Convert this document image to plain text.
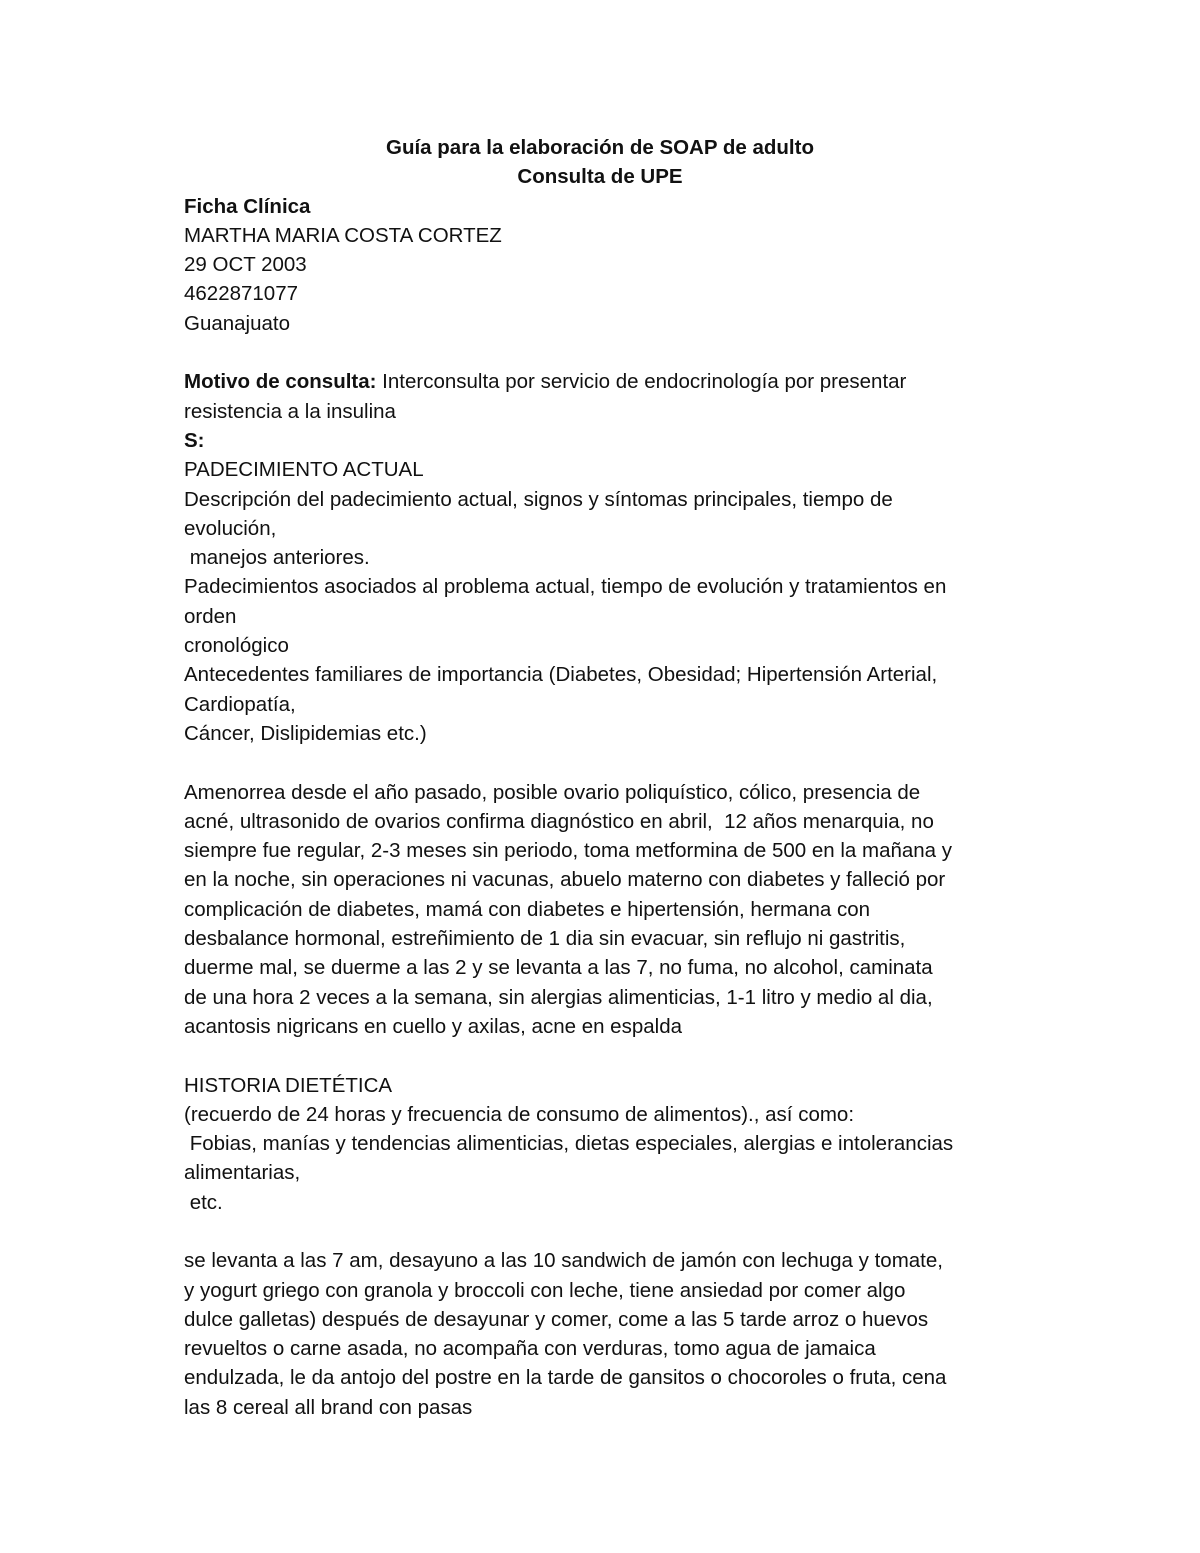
Guía para la elaboración de SOAP de adulto
Consulta de UPE
Ficha Clínica
MARTHA MARIA COSTA CORTEZ
29 OCT 2003
4622871077
Guanajuato
Motivo de consulta: Interconsulta por servicio de endocrinología por presentar
resistencia a la insulina
S:
PADECIMIENTO ACTUAL
Descripción del padecimiento actual, signos y síntomas principales, tiempo de
evolución,
manejos anteriores.
Padecimientos asociados al problema actual, tiempo de evolución y tratamientos en
orden
cronológico
Antecedentes familiares de importancia (Diabetes, Obesidad; Hipertensión Arterial,
Cardiopatía,
Cáncer, Dislipidemias etc.)
Amenorrea desde el año pasado, posible ovario poliquístico, cólico, presencia de
acné, ultrasonido de ovarios confirma diagnóstico en abril,  12 años menarquia, no
siempre fue regular, 2-3 meses sin periodo, toma metformina de 500 en la mañana y
en la noche, sin operaciones ni vacunas, abuelo materno con diabetes y falleció por
complicación de diabetes, mamá con diabetes e hipertensión, hermana con
desbalance hormonal, estreñimiento de 1 dia sin evacuar, sin reflujo ni gastritis,
duerme mal, se duerme a las 2 y se levanta a las 7, no fuma, no alcohol, caminata
de una hora 2 veces a la semana, sin alergias alimenticias, 1-1 litro y medio al dia,
acantosis nigricans en cuello y axilas, acne en espalda
HISTORIA DIETÉTICA
(recuerdo de 24 horas y frecuencia de consumo de alimentos)., así como:
Fobias, manías y tendencias alimenticias, dietas especiales, alergias e intolerancias
alimentarias,
etc.
se levanta a las 7 am, desayuno a las 10 sandwich de jamón con lechuga y tomate,
y yogurt griego con granola y broccoli con leche, tiene ansiedad por comer algo
dulce galletas) después de desayunar y comer, come a las 5 tarde arroz o huevos
revueltos o carne asada, no acompaña con verduras, tomo agua de jamaica
endulzada, le da antojo del postre en la tarde de gansitos o chocoroles o fruta, cena
las 8 cereal all brand con pasas
